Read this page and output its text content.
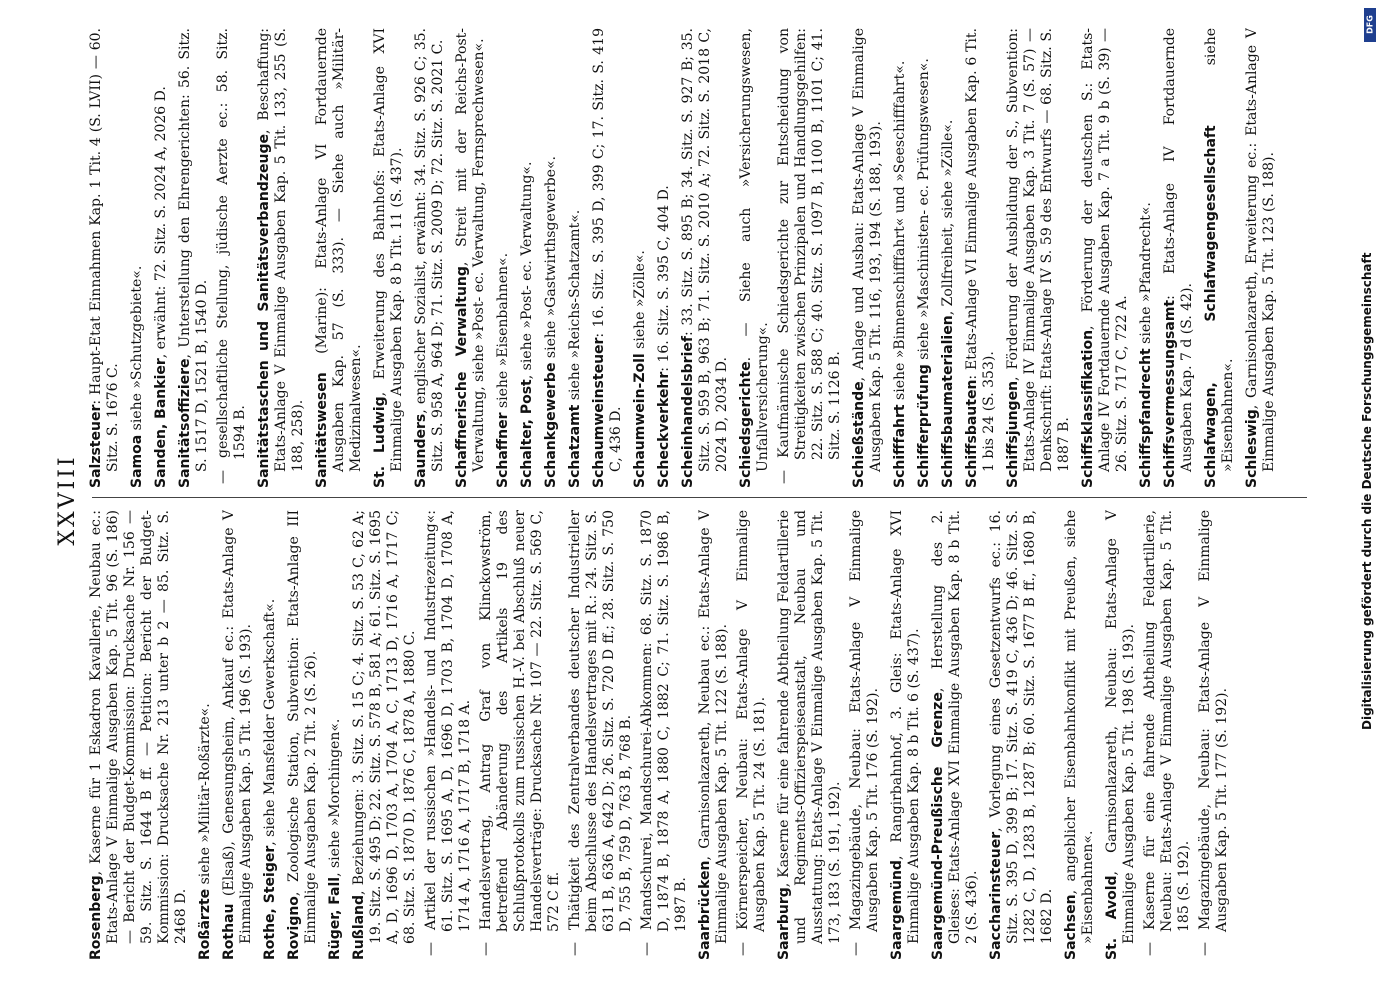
XXVIII

Rosenberg, Kaserne für 1 Eskadron Kavallerie, Neubau ec.: Etats-Anlage V Einmalige Ausgaben Kap. 5 Tit. 96 (S. 186) — Bericht der Budget-Kommission: Drucksache Nr. 156 — 59. Sitz. S. 1644 B ff. — Petition: Bericht der Budget-Kommission: Drucksache Nr. 213 unter b 2 — 85. Sitz. S. 2468 D. Roßärzte siehe »Militär-Roßärzte«.

Rothau (Elsaß), Genesungsheim, Ankauf ec.: Etats-Anlage V Einmalige Ausgaben Kap. 5 Tit. 196 (S. 193). Rothe, Steiger, siehe Mansfelder Gewerkschaft«.

Rovigno, Zoologische Station, Subvention: Etats-Anlage III Einmalige Ausgaben Kap. 2 Tit. 2 (S. 26). Rüger, Fall, siehe »Morchingen«.

Rußland, Beziehungen: 3. Sitz. S. 15 C; 4. Sitz. S. 53 C, 62 A; 19. Sitz. S. 495 D; 22. Sitz. S. 578 B, 581 A; 61. Sitz. S. 1695 A, D, 1696 D, 1703 A, 1704 A, C, 1713 D, 1716 A, 1717 C; 68. Sitz. S. 1870 D, 1876 C, 1878 A, 1880 C.

—Artikel der russischen »Handels- und Industriezeitung«: 61. Sitz. S. 1695 A, D, 1696 D, 1703 B, 1704 D, 1708 A, 1714 A, 1716 A, 1717 B, 1718 A.

—Handelsvertrag, Antrag Graf von Klinckowström, betreffend Abänderung des Artikels 19 des Schlußprotokolls zum russischen H.-V. bei Abschluß neuer Handelsverträge: Drucksache Nr. 107 — 22. Sitz. S. 569 C, 572 C ff.

—Thätigkeit des Zentralverbandes deutscher Industrieller beim Abschlusse des Handelsvertrages mit R.: 24. Sitz. S. 631 B, 636 A, 642 D; 26. Sitz. S. 720 D ff.; 28. Sitz. S. 750 D, 755 B, 759 D, 763 B, 768 B.

—Mandschurei, Mandschurei-Abkommen: 68. Sitz. S. 1870 D, 1874 B, 1878 A, 1880 C, 1882 C; 71. Sitz. S. 1986 B, 1987 B. Saarbrücken, Garnisonlazareth, Neubau ec.: Etats-Anlage V Einmalige Ausgaben Kap. 5 Tit. 122 (S. 188).

—Körnerspeicher, Neubau: Etats-Anlage V Einmalige Ausgaben Kap. 5 Tit. 24 (S. 181). Saarburg, Kaserne für eine fahrende Abtheilung Feldartillerie und Regiments-Offizierspeiseanstalt, Neubau und Ausstattung: Etats-Anlage V Einmalige Ausgaben Kap. 5 Tit. 173, 183 (S. 191, 192).

—Magazingebäude, Neubau: Etats-Anlage V Einmalige Ausgaben Kap. 5 Tit. 176 (S. 192). Saargemünd, Rangirbahnhof, 3. Gleis: Etats-Anlage XVI Einmalige Ausgaben Kap. 8 b Tit. 6 (S. 437). Saargemünd-Preußische Grenze, Herstellung des 2. Gleises: Etats-Anlage XVI Einmalige Ausgaben Kap. 8 b Tit. 2 (S. 436). Saccharinsteuer, Vorlegung eines Gesetzentwurfs ec.: 16. Sitz. S. 395 D, 399 B; 17. Sitz. S. 419 C, 436 D; 46. Sitz. S. 1282 C, D, 1283 B, 1287 B; 60. Sitz. S. 1677 B ff., 1680 B, 1682 D. Sachsen, angeblicher Eisenbahnkonflikt mit Preußen, siehe »Eisenbahnen«. St. Avold, Garnisonlazareth, Neubau: Etats-Anlage V Einmalige Ausgaben Kap. 5 Tit. 198 (S. 193).

—Kaserne für eine fahrende Abtheilung Feldartillerie, Neubau: Etats-Anlage V Einmalige Ausgaben Kap. 5 Tit. 185 (S. 192).

—Magazingebäude, Neubau: Etats-Anlage V Einmalige Ausgaben Kap. 5 Tit. 177 (S. 192).

Salzsteuer: Haupt-Etat Einnahmen Kap. 1 Tit. 4 (S. LVII) — 60. Sitz. S. 1676 C. Samoa siehe »Schutzgebiete«. Sanden, Bankier, erwähnt: 72. Sitz. S. 2024 A, 2026 D.

Sanitätsoffiziere, Unterstellung den Ehrengerichten: 56. Sitz. S. 1517 D, 1521 B, 1540 D.

—gesellschaftliche Stellung, jüdische Aerzte ec.: 58. Sitz. 1594 B. Sanitätstaschen und Sanitätsverbandzeuge, Beschaffung: Etats-Anlage V Einmalige Ausgaben Kap. 5 Tit. 133, 255 (S. 188, 258). Sanitätswesen (Marine): Etats-Anlage VI Fortdauernde Ausgaben Kap. 57 (S. 333). — Siehe auch »Militär-Medizinalwesen«. St. Ludwig, Erweiterung des Bahnhofs: Etats-Anlage XVI Einmalige Ausgaben Kap. 8 b Tit. 11 (S. 437). Saunders, englischer Sozialist, erwähnt: 34. Sitz. S. 926 C; 35. Sitz. S. 958 A, 964 D; 71. Sitz. S. 2009 D; 72. Sitz. S. 2021 C. Schaffnerische Verwaltung, Streit mit der Reichs-Post-Verwaltung, siehe »Post- ec. Verwaltung, Fernsprechwesen«. Schaffner siehe »Eisenbahnen«.

Schalter, Post, siehe »Post- ec. Verwaltung«.

Schankgewerbe siehe »Gastwirthsgewerbe«.

Schatzamt siehe »Reichs-Schatzamt«.

Schaumweinsteuer: 16. Sitz. S. 395 D, 399 C; 17. Sitz. S. 419 C, 436 D. Schaumwein-Zoll siehe »Zölle«.

Scheckverkehr: 16. Sitz. S. 395 C, 404 D.

Scheinhandelsbrief: 33. Sitz. S. 895 B; 34. Sitz. S. 927 B; 35. Sitz. S. 959 B, 963 B; 71. Sitz. S. 2010 A; 72. Sitz. S. 2018 C, 2024 D, 2034 D. Schiedsgerichte. — Siehe auch »Versicherungswesen, Unfallversicherung«.

—Kaufmännische Schiedsgerichte zur Entscheidung von Streitigkeiten zwischen Prinzipalen und Handlungsgehilfen: 22. Sitz. S. 588 C; 40. Sitz. S. 1097 B, 1100 B, 1101 C; 41. Sitz. S. 1126 B. Schießstände, Anlage und Ausbau: Etats-Anlage V Einmalige Ausgaben Kap. 5 Tit. 116, 193, 194 (S. 188, 193). Schifffahrt siehe »Binnenschifffahrt« und »Seeschifffahrt«.

Schifferprüfung siehe »Maschinisten- ec. Prüfungswesen«.

Schiffsbaumaterialien, Zollfreiheit, siehe »Zölle«.

Schiffsbauten: Etats-Anlage VI Einmalige Ausgaben Kap. 6 Tit. 1 bis 24 (S. 353). Schiffsjungen, Förderung der Ausbildung der S., Subvention: Etats-Anlage IV Einmalige Ausgaben Kap. 3 Tit. 7 (S. 57) — Denkschrift: Etats-Anlage IV S. 59 des Entwurfs — 68. Sitz. S. 1887 B. Schiffsklassifikation, Förderung der deutschen S.: Etats-Anlage IV Fortdauernde Ausgaben Kap. 7 a Tit. 9 b (S. 39) — 26. Sitz. S. 717 C, 722 A. Schiffspfandrecht siehe »Pfandrecht«.

Schiffsvermessungsamt: Etats-Anlage IV Fortdauernde Ausgaben Kap. 7 d (S. 42). Schlafwagen, Schlafwagengesellschaft siehe »Eisenbahnen«. Schleswig, Garnisonlazareth, Erweiterung ec.: Etats-Anlage V Einmalige Ausgaben Kap. 5 Tit. 123 (S. 188).	Digitalisierung gefördert durch die Deutsche Forschungsgemeinschaft
DFG
